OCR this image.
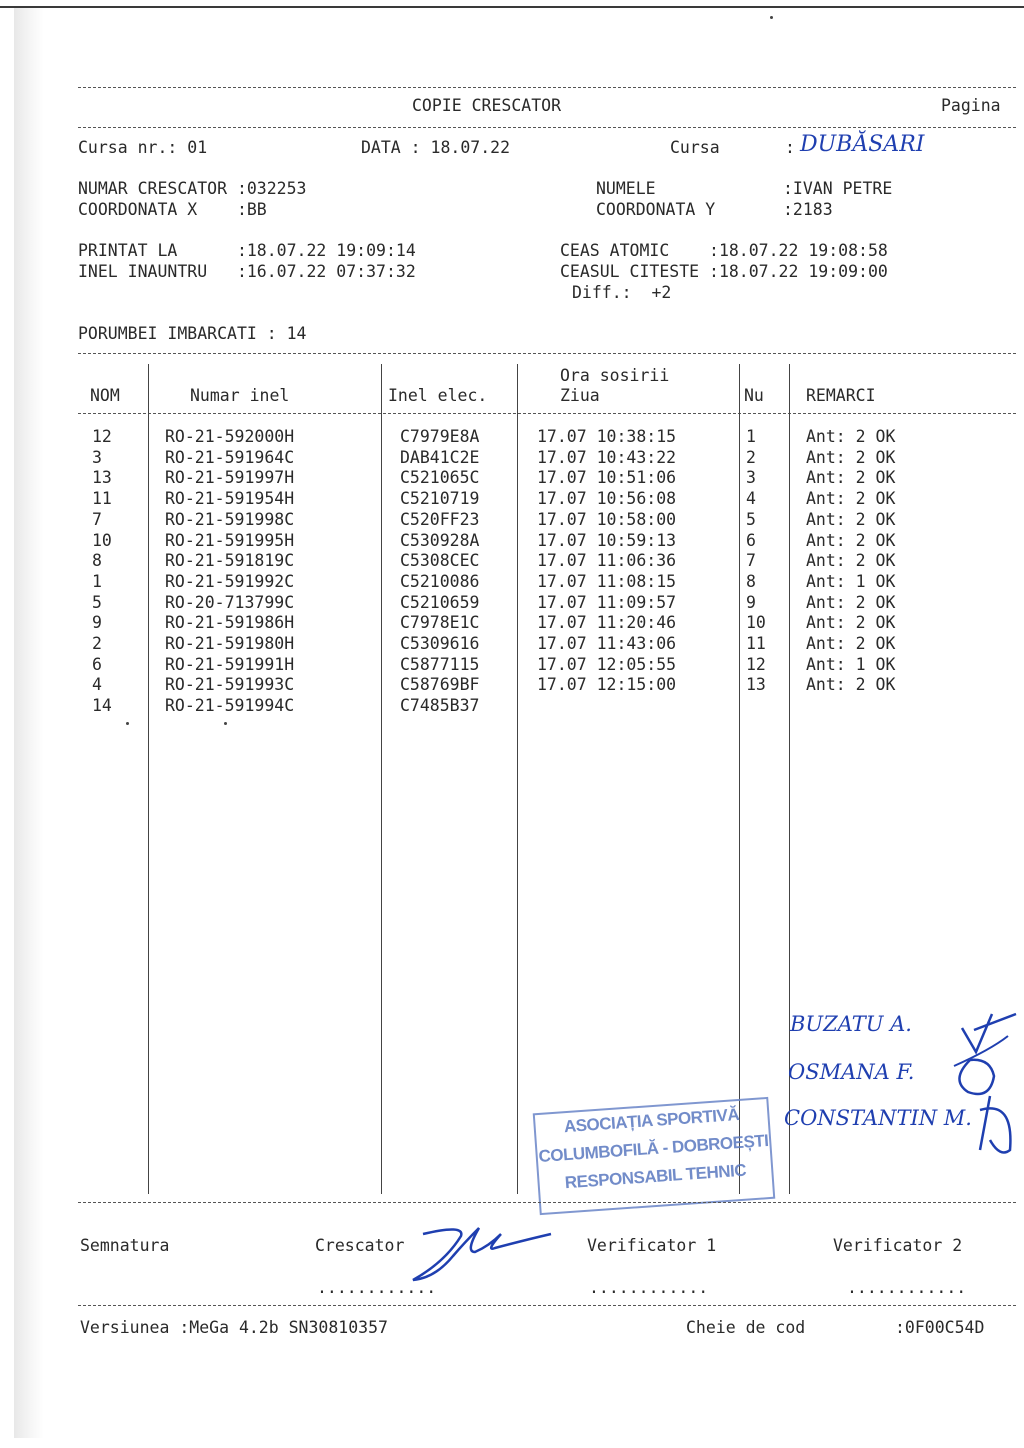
COPIE CRESCATOR	Pagina
Cursa nr.: 01	DATA : 18.07.22	Cursa	: DUBĂSARI
NUMAR CRESCATOR :032253
COORDONATA X    :BB
NUMELE	:IVAN PETRE
COORDONATA Y	:2183
PRINTAT LA      :18.07.22 19:09:14
INEL INAUNTRU   :16.07.22 07:37:32
CEAS ATOMIC    :18.07.22 19:08:58
CEASUL CITESTE :18.07.22 19:09:00
Diff.:  +2
PORUMBEI IMBARCATI : 14
NOM	Numar inel	Inel elec.
Ora sosirii
Ziua	Nu	REMARCI
12	RO-21-592000H	C7979E8A	17.07 10:38:15	1	Ant: 2 OK
3	RO-21-591964C	DAB41C2E	17.07 10:43:22	2	Ant: 2 OK
13	RO-21-591997H	C521065C	17.07 10:51:06	3	Ant: 2 OK
11	RO-21-591954H	C5210719	17.07 10:56:08	4	Ant: 2 OK
7	RO-21-591998C	C520FF23	17.07 10:58:00	5	Ant: 2 OK
10	RO-21-591995H	C530928A	17.07 10:59:13	6	Ant: 2 OK
8	RO-21-591819C	C5308CEC	17.07 11:06:36	7	Ant: 2 OK
1	RO-21-591992C	C5210086	17.07 11:08:15	8	Ant: 1 OK
5	RO-20-713799C	C5210659	17.07 11:09:57	9	Ant: 2 OK
9	RO-21-591986H	C7978E1C	17.07 11:20:46	10 Ant: 2 OK
2	RO-21-591980H	C5309616	17.07 11:43:06	11 Ant: 2 OK
6	RO-21-591991H	C5877115	17.07 12:05:55	12 Ant: 1 OK
4	RO-21-591993C	C58769BF	17.07 12:15:00	13 Ant: 2 OK
14	RO-21-591994C	C7485B37
BUZATU A.
OSMANA F.
CONSTANTIN M.
ASOCIAȚIA SPORTIVĂ
COLUMBOFILĂ - DOBROEȘTI
RESPONSABIL TEHNIC
Semnatura	Crescator	Verificator 1	Verificator 2
............	............	............
Versiunea :MeGa 4.2b SN30810357	Cheie de cod	:0F00C54D
